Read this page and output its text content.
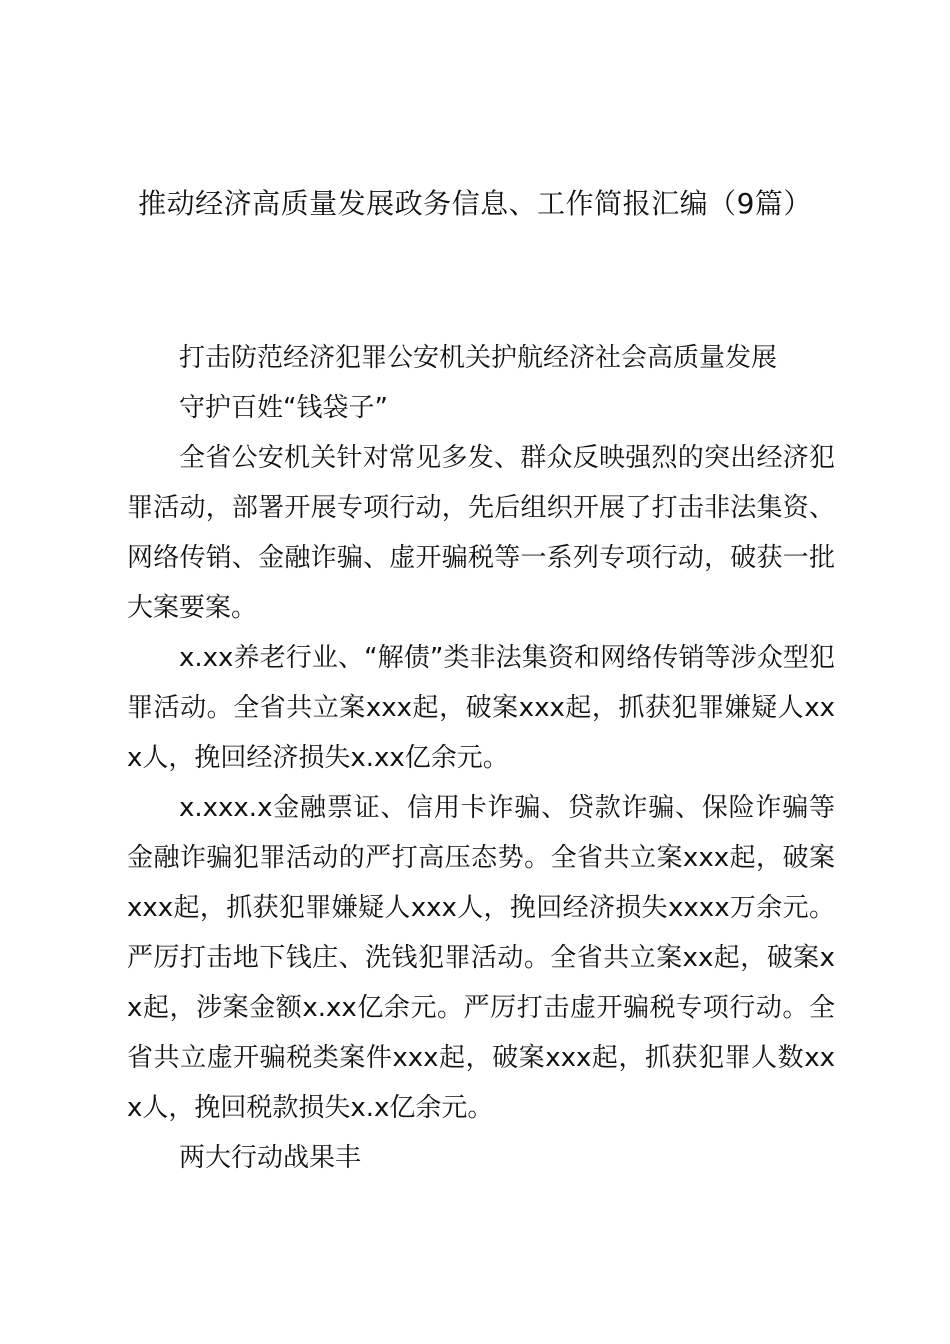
推动经济高质量发展政务信息、工作简报汇编（9篇）

打击防范经济犯罪公安机关护航经济社会高质量发展

守护百姓“钱袋子”

全省公安机关针对常见多发、群众反映强烈的突出经济犯罪活动，部署开展专项行动，先后组织开展了打击非法集资、网络传销、金融诈骗、虚开骗税等一系列专项行动，破获一批大案要案。

x.xx养老行业、“解债”类非法集资和网络传销等涉众型犯罪活动。全省共立案xxx起，破案xxx起，抓获犯罪嫌疑人xxx人，挽回经济损失x.xx亿余元。

x.xxx.x金融票证、信用卡诈骗、贷款诈骗、保险诈骗等金融诈骗犯罪活动的严打高压态势。全省共立案xxx起，破案xxx起，抓获犯罪嫌疑人xxx人，挽回经济损失xxxx万余元。严厉打击地下钱庄、洗钱犯罪活动。全省共立案xx起，破案xx起，涉案金额x.xx亿余元。严厉打击虚开骗税专项行动。全省共立虚开骗税类案件xxx起，破案xxx起，抓获犯罪人数xxx人，挽回税款损失x.x亿余元。

两大行动战果丰
